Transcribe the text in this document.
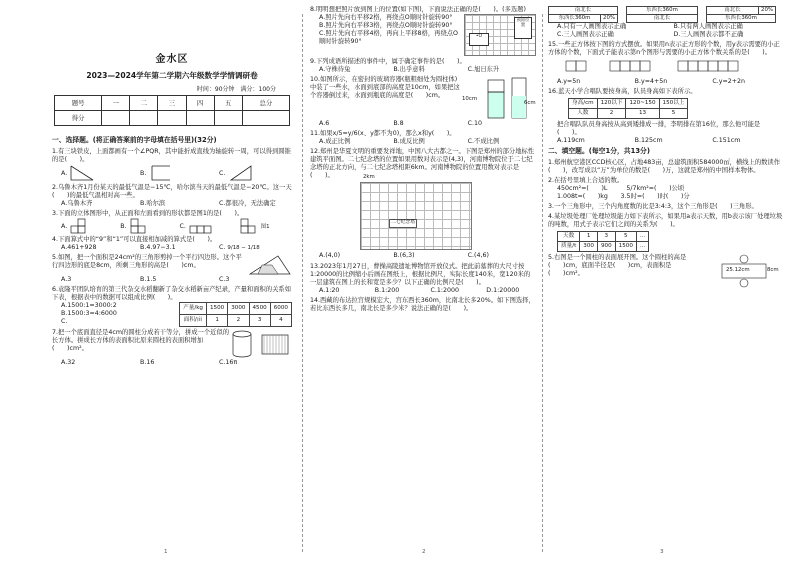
金水区
2023—2024学年第二学期六年级数学学情调研卷
时间：90分钟　满分：100分
题号	一	二	三	四	五	总分
得分						
一、选择题。(将正确答案前的字母填在括号里)(32分)
1.有三块铁皮，上面都画有一个∠PQR，其中能折成直线为轴旋转一周，可以得到圆锥的是(　　)。
A.	B.	C.
2.乌鲁木齐1月份某天的最低气温是−15℃，哈尔滨当天的最低气温是−20℃。这一天(　　)的最低气温相对高一些。
A.乌鲁木齐	B.哈尔滨	C.都很冷，无法确定
3.下面的立体图形中，从正面和左面看到的形状都是图1的是(　　)。
A.	B.	C.	图1
4.下面算式中的“9”和“1”可以直接相加减的算式是(　　)。
A.461+928	B.4.97−3.1	C. 9/18 − 1/18
5.如图，把一个面积是24cm²的三角形剪掉一个平行四边形。这个平行四边形的底是8cm，所剩三角形的高是(　　)cm。
A.3	B.1.5	C.3
6.袁隆平团队培育的第三代杂交水稻翻新了杂交水稻新亩产纪录，产量和面积的关系如下表，根据表中的数据可以组成比例(　　)。
A.1500:1=3000:2
B.1500:3=4:6000
C.
产量/kg	1500	3000	4500	6000
面积/亩	1	2	3	4
7.把一个底面直径是4cm的圆柱分成若干等分，拼成一个近似的长方体。拼成长方体的表面积比原来圆柱的表面积增加(　　)cm²。
A.32	B.16	C.16π
1
8.明明想把照片放到图上的位置(如下图)，下面说法正确的是(　　)。(多选题)
A.照片先向右平移2格，再绕点O顺时针旋转90°
B.照片先向右平移3格，再绕点O顺时针旋转90°
C.照片先向右平移4格，再向上平移8格，再绕点O顺时针旋转90°
•O
预留位置
9.下列成语所描述的事件中，属于确定事件的是(　　)。
A.守株待兔	B.出乎意料	C.旭日东升
10.如图所示，在密封的玻璃容器(瓶粗细处为圆柱体)中装了一些水，水面到底部的高度是10cm，如果把这个容器倒过来，水面到瓶底的高度是(　　)cm。	10cm
6cm
A.6	B.8	C.10
11.如果x/5=y/6(x、y都不为0)，那么x和y(　　)。
A.成正比例	B.成反比例	C.不成比例
12.郑州是华夏文明的重要发祥地，中国八大古都之一。下图是郑州的部分地标性建筑平面图。二七纪念塔的位置如果用数对表示是(4,3)，河南博物院位于二七纪念塔的正北方向，与二七纪念塔相距6km。河南博物院的位置用数对表示是(　　)。	2km
二七纪念塔
A.(4,0)	B.(6,3)	C.(4,6)
13.2023年1月27日，曹操高陵遗址博物馆开放仪式。把此前墓葬的大尺寸按1:20000的比例缩小后画在图纸上，根据比例尺，实际长度140米，宽120米的一层建筑在图上的长和宽是多少？以下正确的比例尺是(　　)。
A.1:20	B.1:200	C.1:2000	D.1:20000
14.西藏的布达拉宫规模宏大，宫东西长360m，比南北长多20%。如下图选择，若比东西长多几，南北长是多少米？说法正确的是(　　)。
2
南北长
东西长360m	20%
东西长360m
南北长
南北长	20%
东西长360m
A.只有一人画图表示正确	B.只有两人画图表示正确
C.三人画图表示正确	D.三人画图表示都不正确
15.一些正方体按下图的方式摆放。如果用n表示正方形的个数，用y表示需要的小正方体的个数，下面式子能表示第n个图形与需要的小正方体个数关系的是(　　)。
A.y=5n	B.y=4+5n	C.y=2+2n
16.蓝天小学合唱队要按身高，队员身高如下表所示。
身高/cm	120以下	120~150	150以上
人数	2	13	5
把合唱队队员身高按从高到矮排成一排，李明排在第16位，那么他可能是(　　)。
A.119cm	B.125cm	C.151cm
二、填空题。(每空1分，共13分)
1.郑州航空港区CCD核心区，占地483亩，总建筑面积584000㎡，横线上的数读作(　　)，改写成以“万”为单位的数是(　　)万，这就是郑州的中国样本物体。
2.在括号里填上合适的数。
450cm²=(　　)L　　　5/7km²=(　　)公顷
1.008t=(　　)kg　　3.5时=(　　)时(　　)分
3.一个三角形中，三个内角度数的比是3:4:3，这个三角形是(　　)三角形。
4.某垃圾处理厂处理垃圾能力如下表所示，如果用a表示天数，用b表示该厂处理垃圾的吨数，用式子表示它们之间的关系为(　　)。
天数	1	3	5	…
质量/t	300	900	1500	…
5.右图是一个圆柱的表面展开图。这个圆柱的高是(　　)cm，底面半径是(　　)cm，表面积是(　　)cm²。
25.12cm	8cm
3
